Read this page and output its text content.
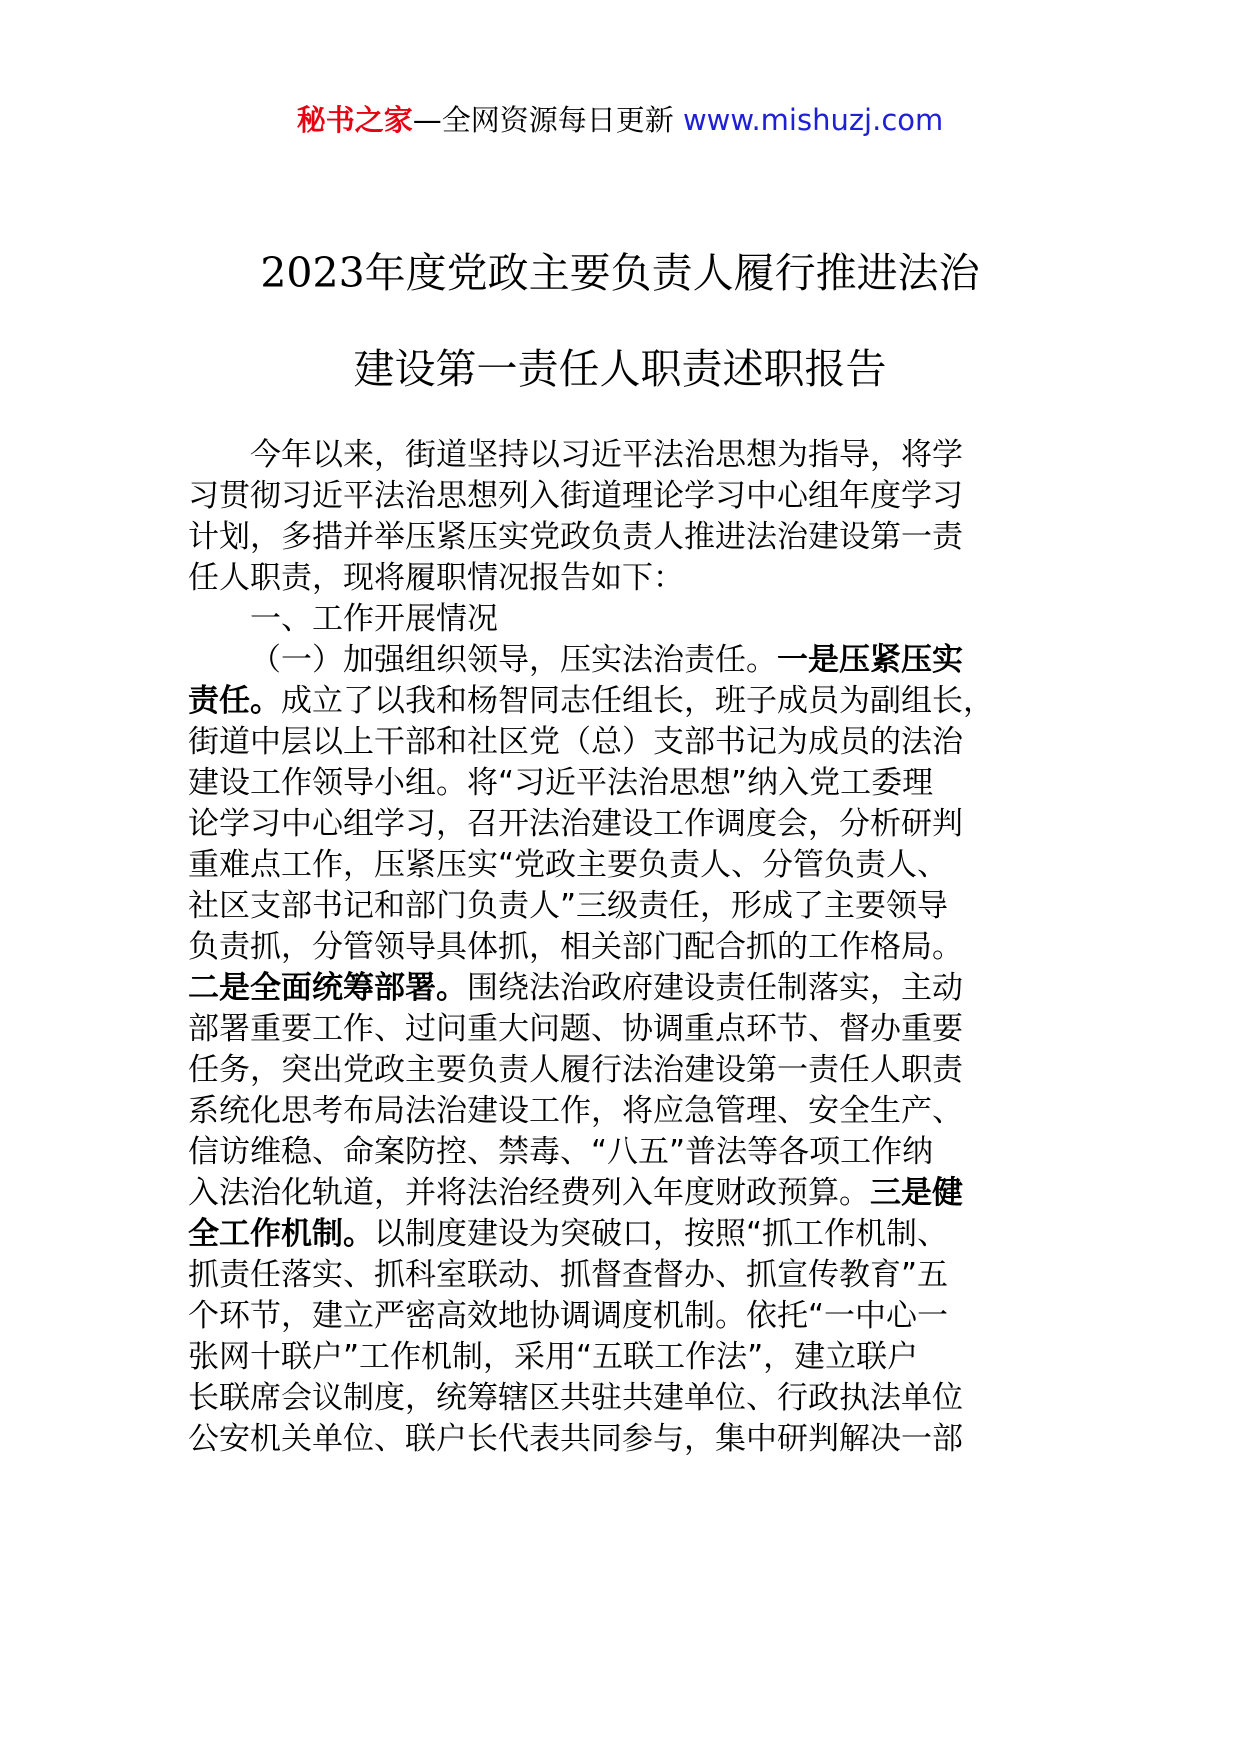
秘书之家—全网资源每日更新 www.mishuzj.com
2023年度党政主要负责人履行推进法治
建设第一责任人职责述职报告
今年以来，街道坚持以习近平法治思想为指导，将学
习贯彻习近平法治思想列入街道理论学习中心组年度学习
计划，多措并举压紧压实党政负责人推进法治建设第一责
任人职责，现将履职情况报告如下：
一、工作开展情况
（一）加强组织领导，压实法治责任。一是压紧压实
责任。成立了以我和杨智同志任组长，班子成员为副组长，
街道中层以上干部和社区党（总）支部书记为成员的法治
建设工作领导小组。将“习近平法治思想”纳入党工委理
论学习中心组学习，召开法治建设工作调度会，分析研判
重难点工作，压紧压实“党政主要负责人、分管负责人、
社区支部书记和部门负责人”三级责任，形成了主要领导
负责抓，分管领导具体抓，相关部门配合抓的工作格局。
二是全面统筹部署。围绕法治政府建设责任制落实，主动
部署重要工作、过问重大问题、协调重点环节、督办重要
任务，突出党政主要负责人履行法治建设第一责任人职责
系统化思考布局法治建设工作，将应急管理、安全生产、
信访维稳、命案防控、禁毒、“八五”普法等各项工作纳
入法治化轨道，并将法治经费列入年度财政预算。三是健
全工作机制。以制度建设为突破口，按照“抓工作机制、
抓责任落实、抓科室联动、抓督查督办、抓宣传教育”五
个环节，建立严密高效地协调调度机制。依托“一中心一
张网十联户”工作机制，采用“五联工作法”，建立联户
长联席会议制度，统筹辖区共驻共建单位、行政执法单位
公安机关单位、联户长代表共同参与，集中研判解决一部
